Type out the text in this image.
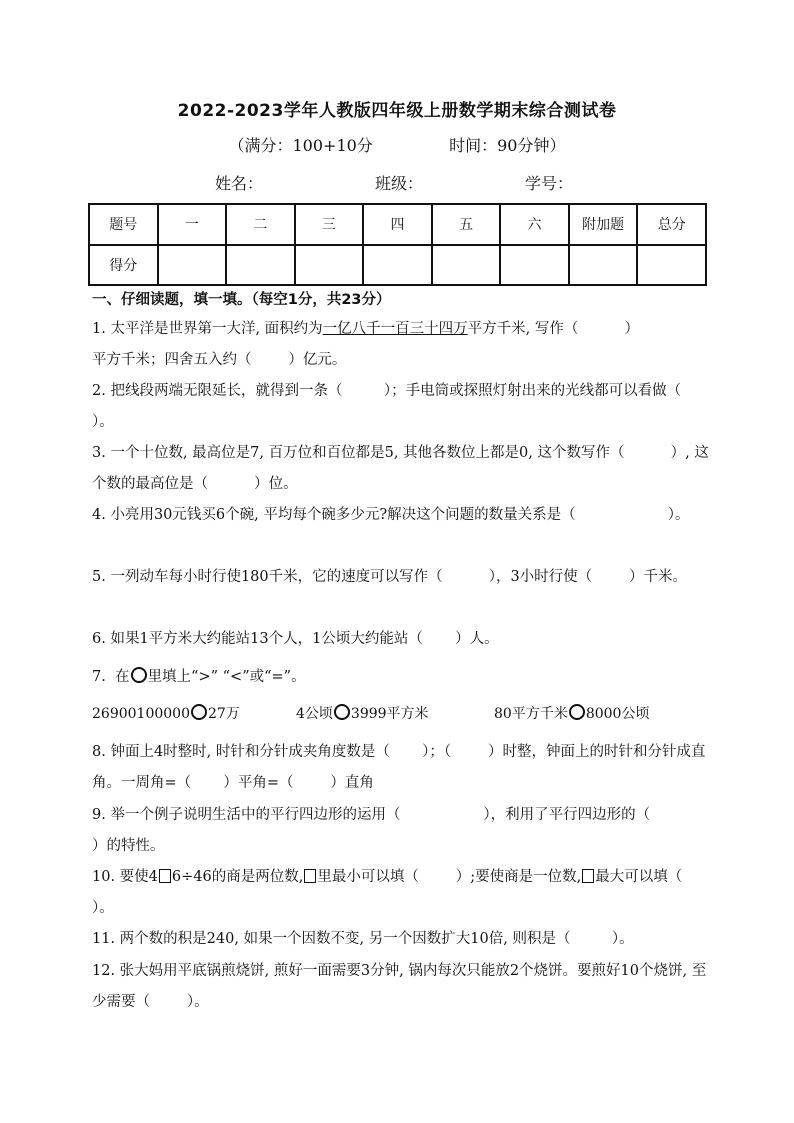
2022-2023学年人教版四年级上册数学期末综合测试卷
（满分：100+10分	时间：90分钟）
姓名：	班级：	学号：
题号	一	二	三	四	五	六	附加题	总分
得分								
一、仔细读题，填一填。（每空1分，共23分）
1. 太平洋是世界第一大洋, 面积约为一亿八千一百三十四万平方千米, 写作（          ）
平方千米；四舍五入约（        ）亿元。
2. 把线段两端无限延长，就得到一条（         ）；手电筒或探照灯射出来的光线都可以看做（        ）。
3. 一个十位数, 最高位是7, 百万位和百位都是5, 其他各数位上都是0, 这个数写作（          ）, 这个数的最高位是（          ）位。
4. 小亮用30元钱买6个碗, 平均每个碗多少元?解决这个问题的数量关系是（                    ）。
5. 一列动车每小时行使180千米，它的速度可以写作（          ），3小时行使（        ）千米。
6. 如果1平方米大约能站13个人，1公顷大约能站（       ）人。
7.  在 里填上“>” “<”或“=”。
26900100000 27万	4公顷 3999平方米	80平方千米 8000公顷
8. 钟面上4时整时, 时针和分针成夹角度数是（       ）；（        ）时整，钟面上的时针和分针成直角。一周角=（       ）平角=（        ）直角
9. 举一个例子说明生活中的平行四边形的运用（                  ），利用了平行四边形的（            ）的特性。
10. 要使4 6÷46的商是两位数, 里最小可以填（        ）;要使商是一位数, 最大可以填（        ）。
11. 两个数的积是240, 如果一个因数不变, 另一个因数扩大10倍, 则积是（         ）。
12. 张大妈用平底锅煎烧饼, 煎好一面需要3分钟, 锅内每次只能放2个烧饼。要煎好10个烧饼, 至少需要（        ）。
